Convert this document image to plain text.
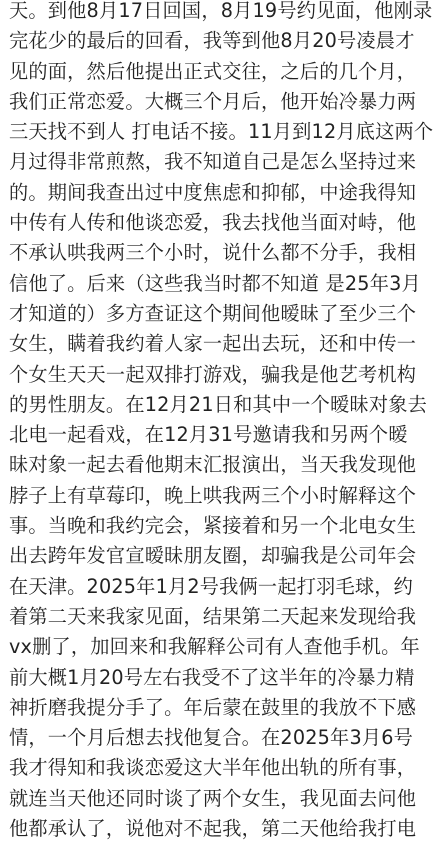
天。到他8月17日回国，8月19号约见面，他刚录
完花少的最后的回看，我等到他8月20号凌晨才
见的面，然后他提出正式交往，之后的几个月，
我们正常恋爱。大概三个月后，他开始冷暴力两
三天找不到人 打电话不接。11月到12月底这两个
月过得非常煎熬，我不知道自己是怎么坚持过来
的。期间我查出过中度焦虑和抑郁，中途我得知
中传有人传和他谈恋爱，我去找他当面对峙，他
不承认哄我两三个小时，说什么都不分手，我相
信他了。后来（这些我当时都不知道 是25年3月
才知道的）多方查证这个期间他暧昧了至少三个
女生，瞒着我约着人家一起出去玩，还和中传一
个女生天天一起双排打游戏，骗我是他艺考机构
的男性朋友。在12月21日和其中一个暧昧对象去
北电一起看戏，在12月31号邀请我和另两个暧
昧对象一起去看他期末汇报演出，当天我发现他
脖子上有草莓印，晚上哄我两三个小时解释这个
事。当晚和我约完会，紧接着和另一个北电女生
出去跨年发官宣暧昧朋友圈，却骗我是公司年会
在天津。2025年1月2号我俩一起打羽毛球，约
着第二天来我家见面，结果第二天起来发现给我
vx删了，加回来和我解释公司有人查他手机。年
前大概1月20号左右我受不了这半年的冷暴力精
神折磨我提分手了。年后蒙在鼓里的我放不下感
情，一个月后想去找他复合。在2025年3月6号
我才得知和我谈恋爱这大半年他出轨的所有事，
就连当天他还同时谈了两个女生，我见面去问他
他都承认了，说他对不起我，第二天他给我打电
